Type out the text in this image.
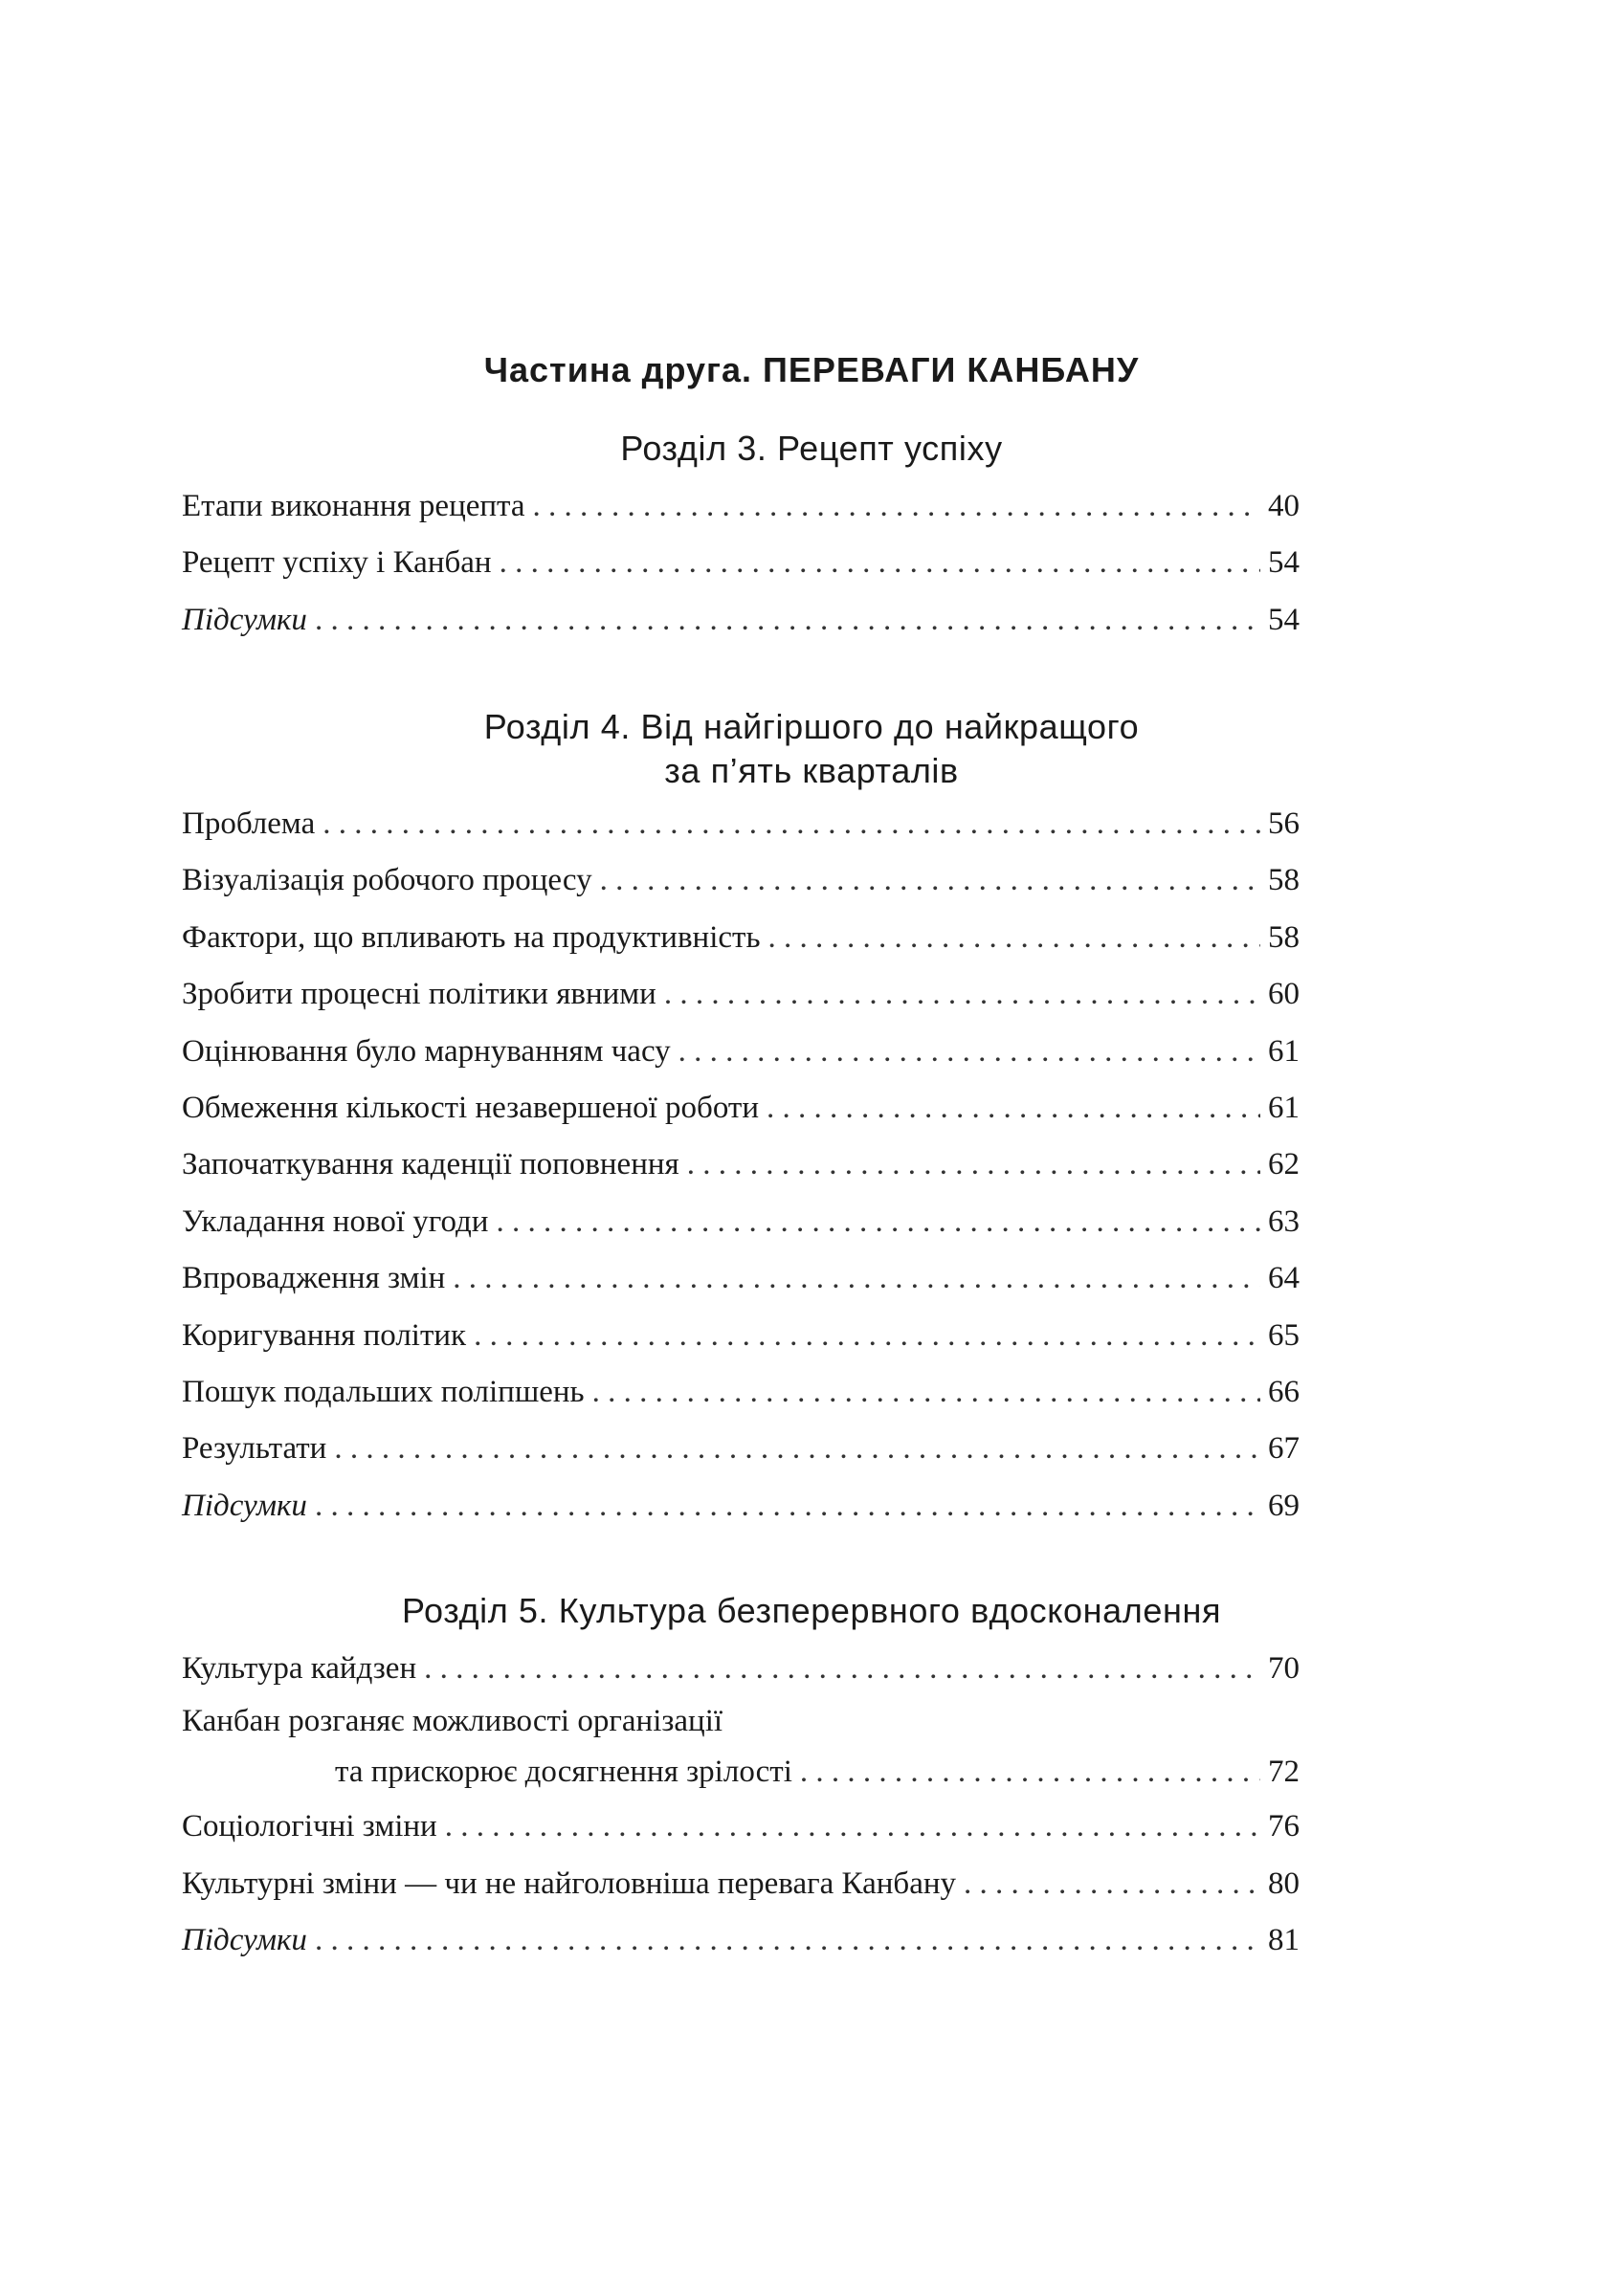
Частина друга. ПЕРЕВАГИ КАНБАНУ
Розділ 3. Рецепт успіху
Етапи виконання рецепта . . .	40
Рецепт успіху і Канбан . . .	54
Підсумки . . .	54
Розділ 4. Від найгіршого до найкращого
за п’ять кварталів
Проблема . . .	56
Візуалізація робочого процесу . . .	58
Фактори, що впливають на продуктивність . . .	58
Зробити процесні політики явними . . .	60
Оцінювання було марнуванням часу . . .	61
Обмеження кількості незавершеної роботи . . .	61
Започаткування каденції поповнення . . .	62
Укладання нової угоди . . .	63
Впровадження змін . . .	64
Коригування політик . . .	65
Пошук подальших поліпшень . . .	66
Результати . . .	67
Підсумки . . .	69
Розділ 5. Культура безперервного вдосконалення
Культура кайдзен . . .	70
Канбан розганяє можливості організації
та прискорює досягнення зрілості . . .	72
Соціологічні зміни . . .	76
Культурні зміни — чи не найголовніша перевага Канбану . . .	80
Підсумки . . .	81
